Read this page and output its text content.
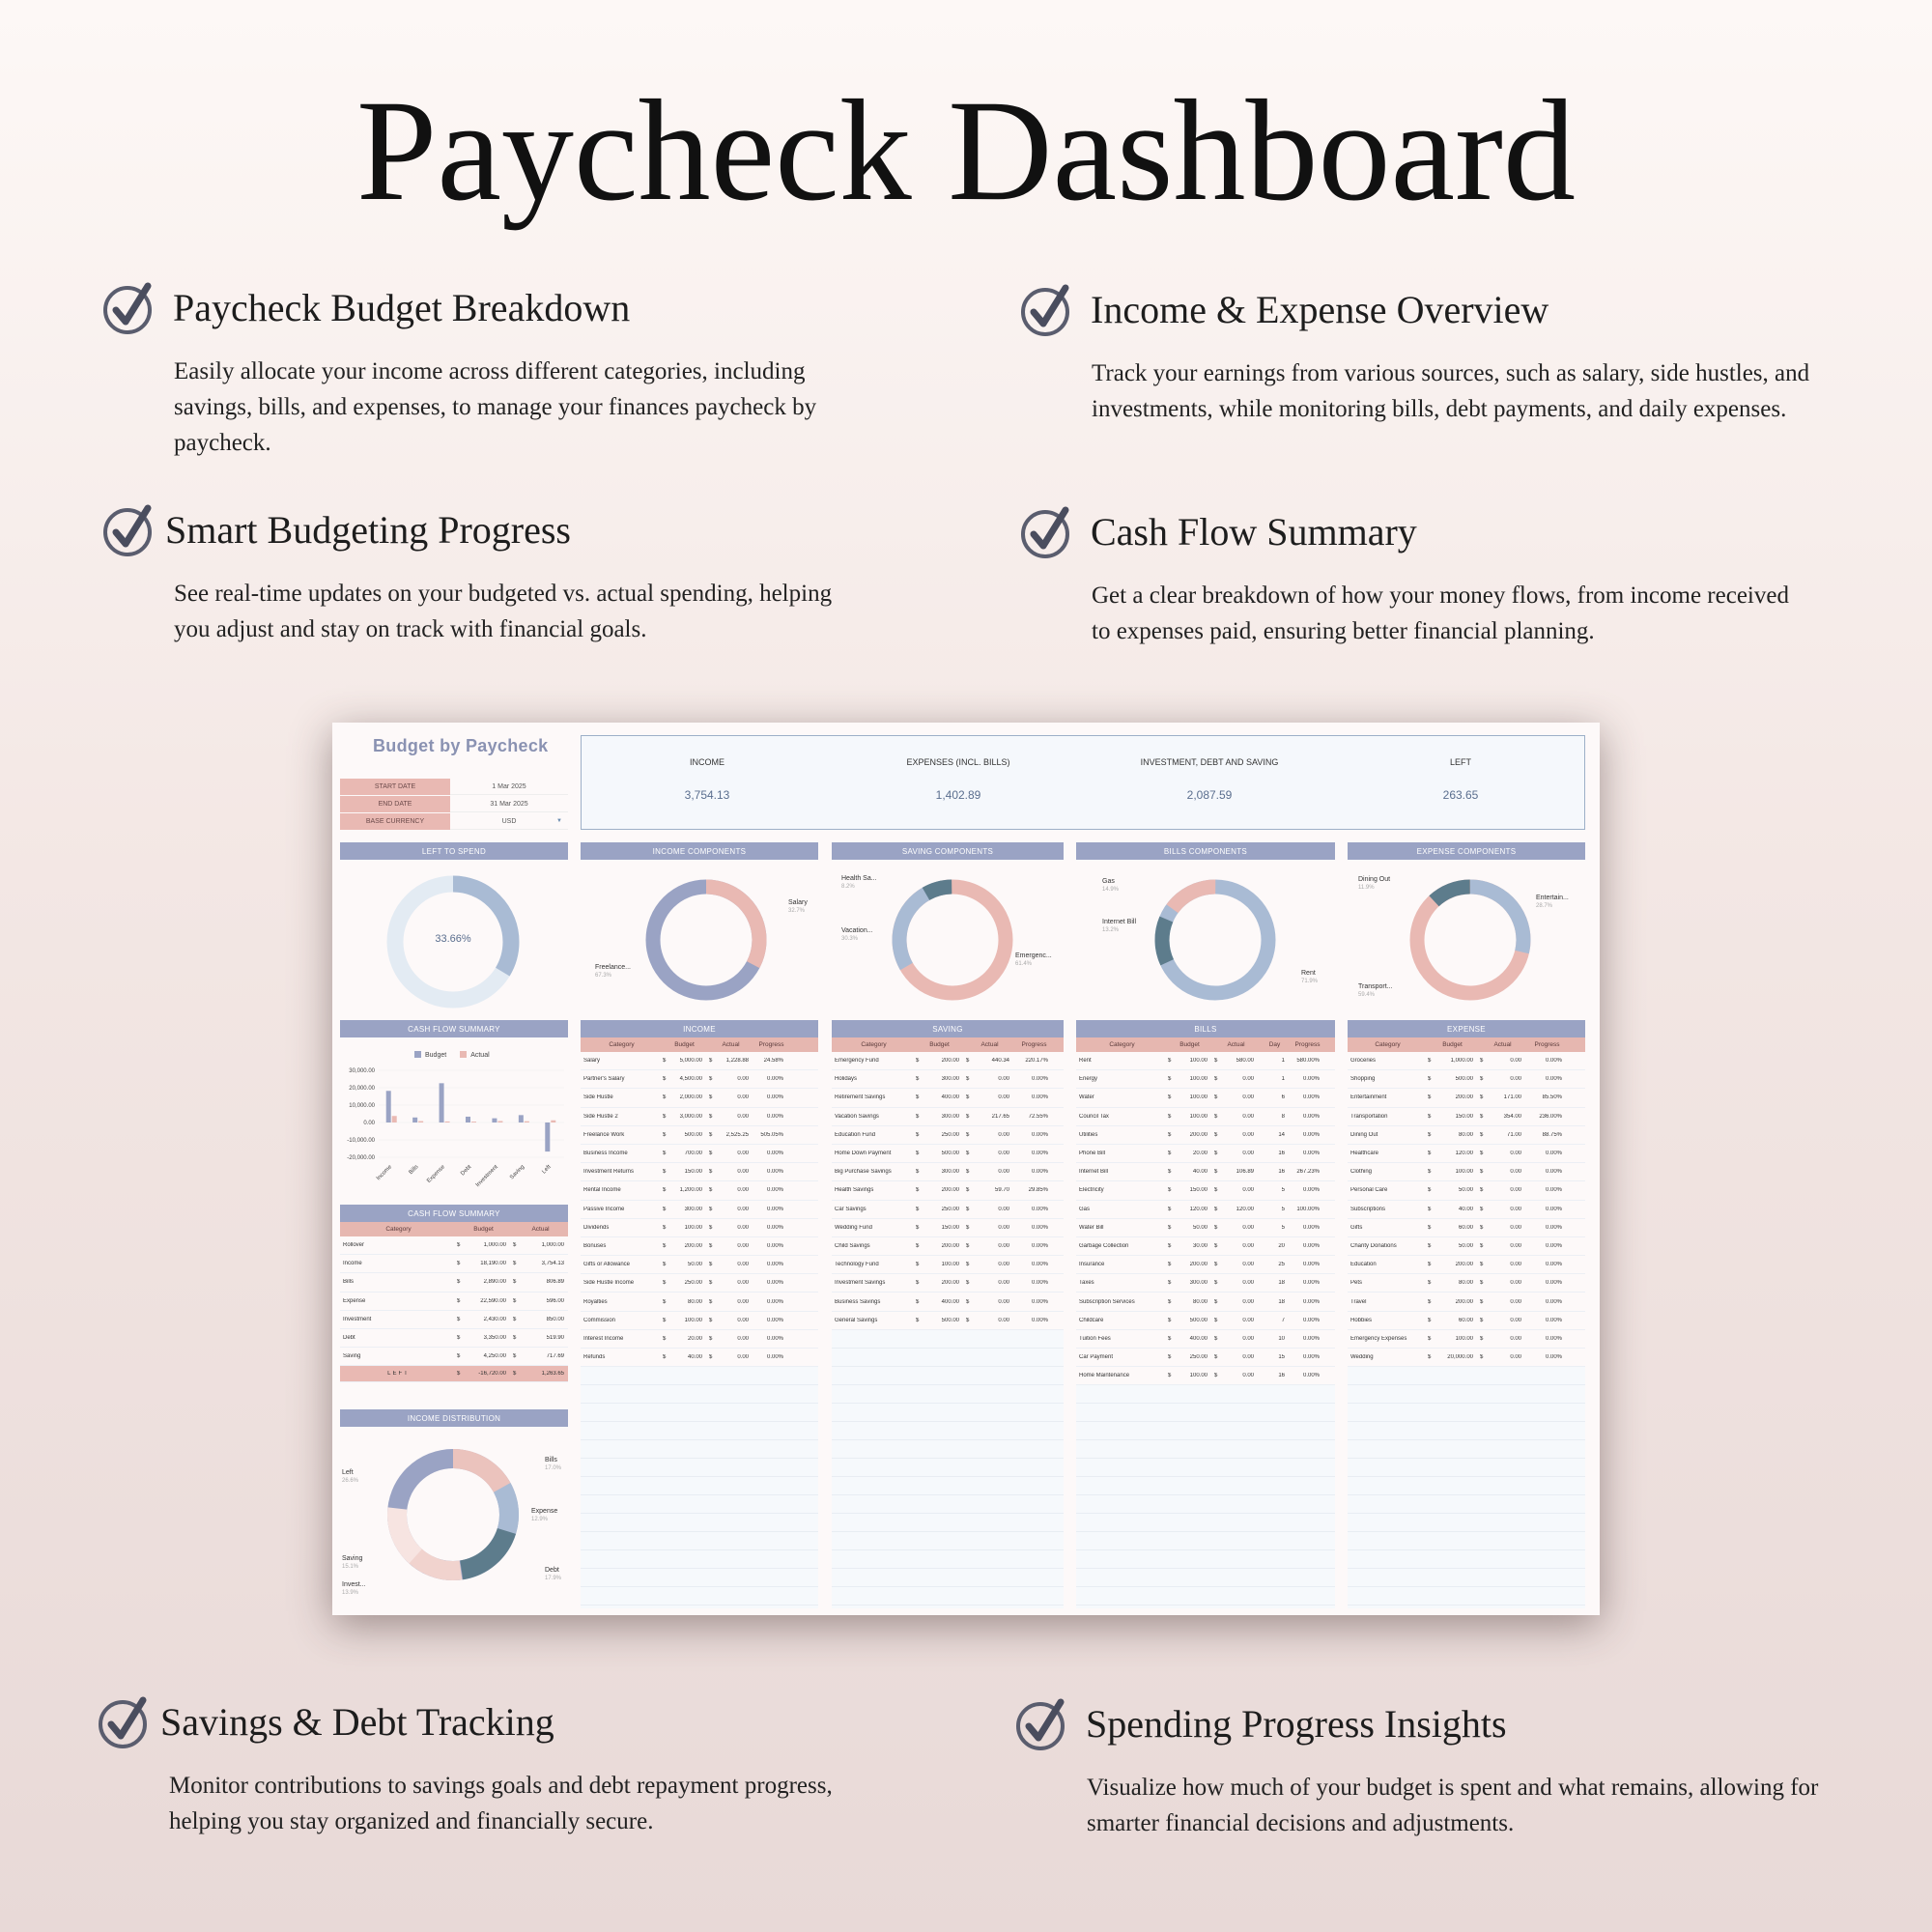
Paycheck Dashboard
Paycheck Budget Breakdown
Easily allocate your income across different categories, including savings, bills, and expenses, to manage your finances paycheck by paycheck.
Income & Expense Overview
Track your earnings from various sources, such as salary, side hustles, and investments, while monitoring bills, debt payments, and daily expenses.
Smart Budgeting Progress
See real-time updates on your budgeted vs. actual spending, helping you adjust and stay on track with financial goals.
Cash Flow Summary
Get a clear breakdown of how your money flows, from income received to expenses paid, ensuring better financial planning.
Savings & Debt Tracking
Monitor contributions to savings goals and debt repayment progress, helping you stay organized and financially secure.
Spending Progress Insights
Visualize how much of your budget is spent and what remains, allowing for smarter financial decisions and adjustments.
Budget by Paycheck
START DATE	1 Mar 2025
END DATE	31 Mar 2025
BASE CURRENCY	USD	▼
INCOME
3,754.13
EXPENSES (INCL. BILLS)
1,402.89
INVESTMENT, DEBT AND SAVING
2,087.59
LEFT
263.65
LEFT TO SPEND	INCOME COMPONENTS	SAVING COMPONENTS	BILLS COMPONENTS	EXPENSE COMPONENTS
33.66%
Salary
32.7%
Freelance...
67.3%
Health Sa...
8.2%
Vacation...
30.3%
Emergenc...
61.4%
Gas
14.9%
Internet Bill
13.2%
Rent
71.9%
Dining Out
11.9%
Entertain...
28.7%
Transport...
59.4%
CASH FLOW SUMMARY	INCOME	SAVING	BILLS	EXPENSE
Budget	Actual
30,000.00
20,000.00
10,000.00
0.00
-10,000.00
-20,000.00
Income	Bills Expense Debt Investment Saving	Left
CASH FLOW SUMMARY
Category	Budget	Actual
Rollover	$	1,000.00	$	1,000.00
Income	$	18,190.00	$	3,754.13
Bills	$	2,890.00	$	806.89
Expense	$	22,590.00	$	596.00
Investment	$	2,430.00	$	850.00
Debt	$	3,350.00	$	519.90
Saving	$	4,250.00	$	717.69
LEFT	$	-16,720.00	$	1,263.65
INCOME DISTRIBUTION
Left
26.6%
Bills
17.0%
Expense
12.9%
Debt
17.9%
Saving
15.1%
Invest...
13.9%
Category	Budget	Actual	Progress
Salary	$	5,000.00	$	1,228.88	24.58%
Partner's Salary	$	4,500.00	$	0.00	0.00%
Side Hustle	$	2,000.00	$	0.00	0.00%
Side Hustle 2	$	3,000.00	$	0.00	0.00%
Freelance Work	$	500.00	$	2,525.25	505.05%
Business Income	$	700.00	$	0.00	0.00%
Investment Returns	$	150.00	$	0.00	0.00%
Rental Income	$	1,200.00	$	0.00	0.00%
Passive Income	$	300.00	$	0.00	0.00%
Dividends	$	100.00	$	0.00	0.00%
Bonuses	$	200.00	$	0.00	0.00%
Gifts or Allowance	$	50.00	$	0.00	0.00%
Side Hustle Income	$	250.00	$	0.00	0.00%
Royalties	$	80.00	$	0.00	0.00%
Commission	$	100.00	$	0.00	0.00%
Interest Income	$	20.00	$	0.00	0.00%
Refunds	$	40.00	$	0.00	0.00%
Category	Budget	Actual	Progress
Emergency Fund	$	200.00	$	440.34	220.17%
Holidays	$	300.00	$	0.00	0.00%
Retirement Savings	$	400.00	$	0.00	0.00%
Vacation Savings	$	300.00	$	217.65	72.55%
Education Fund	$	250.00	$	0.00	0.00%
Home Down Payment	$	500.00	$	0.00	0.00%
Big Purchase Savings	$	300.00	$	0.00	0.00%
Health Savings	$	200.00	$	59.70	29.85%
Car Savings	$	250.00	$	0.00	0.00%
Wedding Fund	$	150.00	$	0.00	0.00%
Child Savings	$	200.00	$	0.00	0.00%
Technology Fund	$	100.00	$	0.00	0.00%
Investment Savings	$	200.00	$	0.00	0.00%
Business Savings	$	400.00	$	0.00	0.00%
General Savings	$	500.00	$	0.00	0.00%
Category	Budget	Actual	Day	Progress
Rent	$	100.00	$	580.00	1	580.00%
Energy	$	100.00	$	0.00	1	0.00%
Water	$	100.00	$	0.00	6	0.00%
Council Tax	$	100.00	$	0.00	8	0.00%
Utilities	$	200.00	$	0.00	14	0.00%
Phone Bill	$	20.00	$	0.00	16	0.00%
Internet Bill	$	40.00	$	106.89	16	267.23%
Electricity	$	150.00	$	0.00	5	0.00%
Gas	$	120.00	$	120.00	5	100.00%
Water Bill	$	50.00	$	0.00	5	0.00%
Garbage Collection	$	30.00	$	0.00	20	0.00%
Insurance	$	200.00	$	0.00	25	0.00%
Taxes	$	300.00	$	0.00	18	0.00%
Subscription Services	$	80.00	$	0.00	18	0.00%
Childcare	$	500.00	$	0.00	7	0.00%
Tuition Fees	$	400.00	$	0.00	10	0.00%
Car Payment	$	250.00	$	0.00	15	0.00%
Home Maintenance	$	100.00	$	0.00	16	0.00%
Category	Budget	Actual	Progress
Groceries	$	1,000.00	$	0.00	0.00%
Shopping	$	500.00	$	0.00	0.00%
Entertainment	$	200.00	$	171.00	85.50%
Transportation	$	150.00	$	354.00	236.00%
Dining Out	$	80.00	$	71.00	88.75%
Healthcare	$	120.00	$	0.00	0.00%
Clothing	$	100.00	$	0.00	0.00%
Personal Care	$	50.00	$	0.00	0.00%
Subscriptions	$	40.00	$	0.00	0.00%
Gifts	$	60.00	$	0.00	0.00%
Charity Donations	$	50.00	$	0.00	0.00%
Education	$	200.00	$	0.00	0.00%
Pets	$	80.00	$	0.00	0.00%
Travel	$	200.00	$	0.00	0.00%
Hobbies	$	60.00	$	0.00	0.00%
Emergency Expenses	$	100.00	$	0.00	0.00%
Wedding	$	20,000.00	$	0.00	0.00%
